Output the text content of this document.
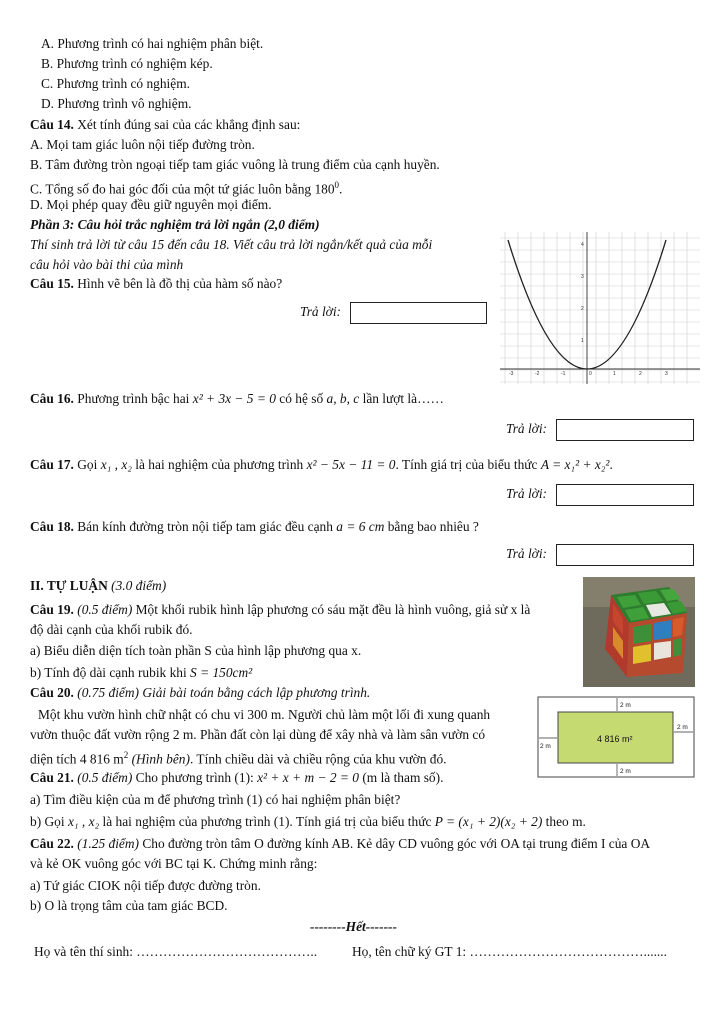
A. Phương trình có hai nghiệm phân biệt.
B. Phương trình có nghiệm kép.
C. Phương trình có nghiệm.
D. Phương trình vô nghiệm.
Câu 14. Xét tính đúng sai của các khẳng định sau:
A. Mọi tam giác luôn nội tiếp đường tròn.
B. Tâm đường tròn ngoại tiếp tam giác vuông là trung điểm của cạnh huyền.
C. Tổng số đo hai góc đối của một tứ giác luôn bằng $180^0$.
D. Mọi phép quay đều giữ nguyên mọi điểm.
Phần 3: Câu hỏi trắc nghiệm trả lời ngắn (2,0 điểm)
Thí sinh trả lời từ câu 15 đến câu 18. Viết câu trả lời ngắn/kết quả của mỗi
câu hỏi vào bài thi của mình
Câu 15. Hình vẽ bên là đồ thị của hàm số nào?
Trả lời:
-3	-2	-1	0	1	2	3
1
2
3
4
Câu 16. Phương trình bậc hai x² + 3x − 5 = 0 có hệ số a, b, c lần lượt là……
Trả lời:
Câu 17. Gọi x₁ , x₂ là hai nghiệm của phương trình x² − 5x − 11 = 0. Tính giá trị của biểu thức A = x₁² + x₂².
Trả lời:
Câu 18. Bán kính đường tròn nội tiếp tam giác đều cạnh a = 6 cm bằng bao nhiêu ?
Trả lời:
II. TỰ LUẬN (3.0 điểm)
Câu 19. (0.5 điểm) Một khối rubik hình lập phương có sáu mặt đều là hình vuông, giả sử x là
độ dài cạnh của khối rubik đó.
a) Biểu diễn diện tích toàn phần S của hình lập phương qua x.
b) Tính độ dài cạnh rubik khi S = 150cm²
Câu 20. (0.75 điểm) Giải bài toán bằng cách lập phương trình.
Một khu vườn hình chữ nhật có chu vi 300 m. Người chủ làm một lối đi xung quanh
vườn thuộc đất vườn rộng 2 m. Phần đất còn lại dùng để xây nhà và làm sân vườn có
diện tích 4 816 $m^2$ (Hình bên). Tính chiều dài và chiều rộng của khu vườn đó.
4 816 m²
2 m
2 m
2 m
2 m
Câu 21. (0.5 điểm) Cho phương trình (1): x² + x + m − 2 = 0 (m là tham số).
a) Tìm điều kiện của m để phương trình (1) có hai nghiệm phân biệt?
b) Gọi x₁ , x₂ là hai nghiệm của phương trình (1). Tính giá trị của biểu thức P = (x₁ + 2)(x₂ + 2) theo m.
Câu 22. (1.25 điểm) Cho đường tròn tâm O đường kính AB. Kẻ dây CD vuông góc với OA tại trung điểm I của OA
và kẻ OK vuông góc với BC tại K. Chứng minh rằng:
a) Tứ giác CIOK nội tiếp được đường tròn.
b) O là trọng tâm của tam giác BCD.
--------Hết-------
Họ và tên thí sinh: …………………………………..	Họ, tên chữ ký GT 1: ………………………………….......
